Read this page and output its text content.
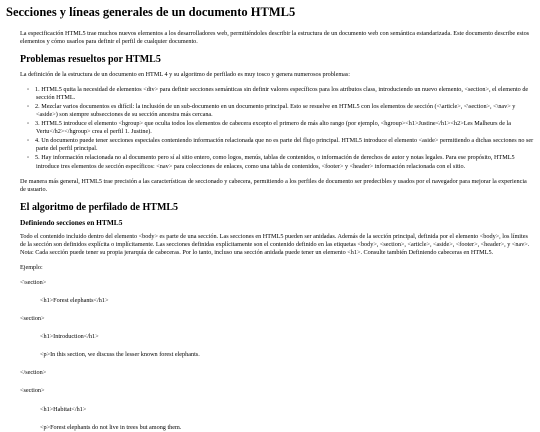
Secciones y líneas generales de un documento HTML5

La especificación HTML5 trae muchos nuevos elementos a los desarrolladores web, permitiéndoles describir la estructura de un documento web con semántica estandarizada. Este documento describe estos elementos y cómo usarlos para definir el perfil de cualquier documento.

Problemas resueltos por HTML5

La definición de la estructura de un documento en HTML 4 y su algoritmo de perfilado es muy tosco y genera numerosos problemas:

◦ 1. HTML5 quita la necesidad de elementos <div> para definir secciones semánticas sin definir valores específicos para los atributos class, introduciendo un nuevo elemento, <section>, el elemento de sección HTML.
◦ 2. Mezclar varios documentos es difícil: la inclusión de un sub-documento en un documento principal. Esto se resuelve en HTML5 con los elementos de sección (<\article>, <\section>, <\nav> y <aside>) son siempre subsecciones de su sección ancestra más cercana.
◦ 3. HTML5 introduce el elemento <hgroup> que oculta todos los elementos de cabecera excepto el primero de más alto rango (por ejemplo, <hgroup><h1>Justine</h1><h2>Les Malheurs de la Vertu</h2></hgroup> crea el perfil 1. Justine).
◦ 4. Un documento puede tener secciones especiales conteniendo información relacionada que no es parte del flujo principal. HTML5 introduce el elemento <aside> permitiendo a dichas secciones no ser parte del perfil principal.
◦ 5. Hay información relacionada no al documento pero sí al sitio entero, como logos, menús, tablas de contenidos, o información de derechos de autor y notas legales. Para ese propósito, HTML5 introduce tres elementos de sección específicos: <nav> para colecciones de enlaces, como una tabla de contenidos, <footer> y <header> información relacionada con el sitio.

De manera más general, HTML5 trae precisión a las características de seccionado y cabecera, permitiendo a los perfiles de documento ser predecibles y usados por el navegador para mejorar la experiencia de usuario.

El algoritmo de perfilado de HTML5
Definiendo secciones en HTML5

Todo el contenido incluido dentro del elemento <body> es parte de una sección. Las secciones en HTML5 pueden ser anidadas. Además de la sección principal, definida por el elemento <body>, los límites de la sección son definidos explícita o implícitamente. Las secciones definidas explícitamente son el contenido definido en las etiquetas <body>, <section>, <article>, <aside>, <footer>, <header>, y <nav>. Nota: Cada sección puede tener su propia jerarquía de cabeceras. Por lo tanto, incluso una sección anidada puede tener un elemento <h1>. Consulte también Definiendo cabeceras en HTML5.

Ejemplo:

<\section>
<h1>Forest elephants</h1>
<section>
<h1>Introduction</h1>
<p>In this section, we discuss the lesser known forest elephants.
</section>
<section>
<h1>Habitat</h1>
<p>Forest elephants do not live in trees but among them.
